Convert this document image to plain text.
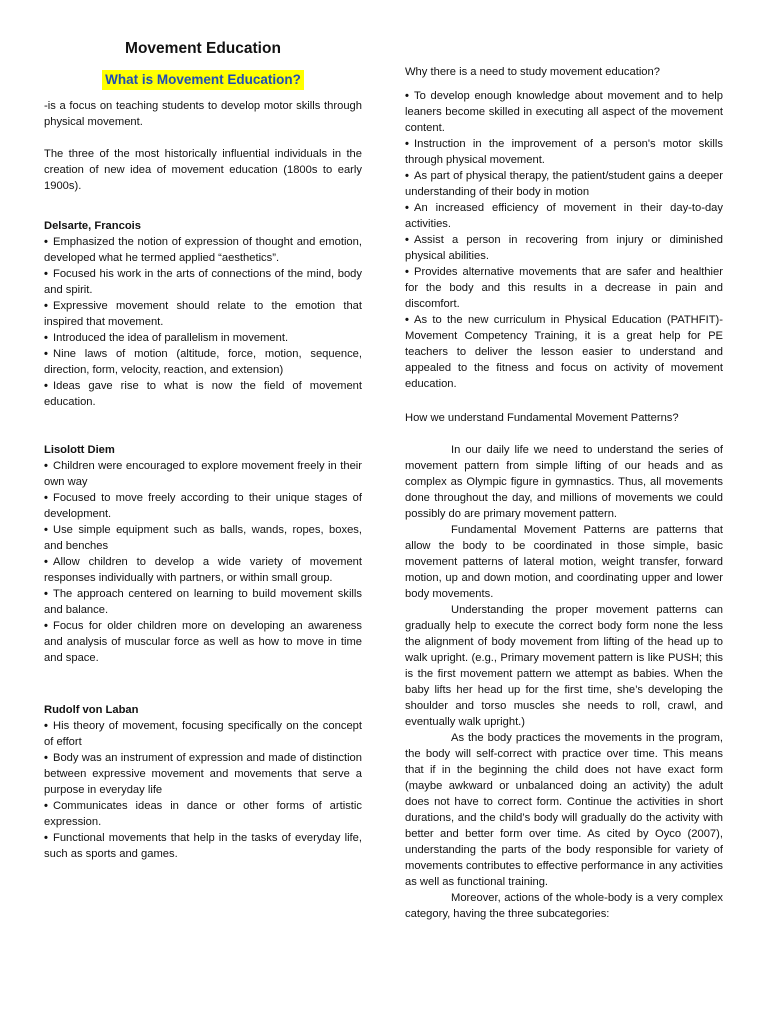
Movement Education
What is Movement Education?

-is a focus on teaching students to develop motor skills through physical movement.

The three of the most historically influential individuals in the creation of new idea of movement education (1800s to early 1900s).

Delsarte, Francois

• Emphasized the notion of expression of thought and emotion, developed what he termed applied “aesthetics”.

• Focused his work in the arts of connections of the mind, body and spirit.

• Expressive movement should relate to the emotion that inspired that movement.

• Introduced the idea of parallelism in movement.

• Nine laws of motion (altitude, force, motion, sequence, direction, form, velocity, reaction, and extension)

• Ideas gave rise to what is now the field of movement education.

Lisolott Diem

• Children were encouraged to explore movement freely in their own way

• Focused to move freely according to their unique stages of development.

• Use simple equipment such as balls, wands, ropes, boxes, and benches

• Allow children to develop a wide variety of movement responses individually with partners, or within small group.

• The approach centered on learning to build movement skills and balance.

• Focus for older children more on developing an awareness and analysis of muscular force as well as how to move in time and space.

Rudolf von Laban

• His theory of movement, focusing specifically on the concept of effort

• Body was an instrument of expression and made of distinction between expressive movement and movements that serve a purpose in everyday life

• Communicates ideas in dance or other forms of artistic expression.

• Functional movements that help in the tasks of everyday life, such as sports and games.

Why there is a need to study movement education?

• To develop enough knowledge about movement and to help leaners become skilled in executing all aspect of the movement content.

• Instruction in the improvement of a person's motor skills through physical movement.

• As part of physical therapy, the patient/student gains a deeper understanding of their body in motion

• An increased efficiency of movement in their day-to-day activities.

• Assist a person in recovering from injury or diminished physical abilities.

• Provides alternative movements that are safer and healthier for the body and this results in a decrease in pain and discomfort.

• As to the new curriculum in Physical Education (PATHFIT)- Movement Competency Training, it is a great help for PE teachers to deliver the lesson easier to understand and appealed to the fitness and focus on activity of movement education.

How we understand Fundamental Movement Patterns?

In our daily life we need to understand the series of movement pattern from simple lifting of our heads and as complex as Olympic figure in gymnastics. Thus, all movements done throughout the day, and millions of movements we could possibly do are primary movement pattern.

Fundamental Movement Patterns are patterns that allow the body to be coordinated in those simple, basic movement patterns of lateral motion, weight transfer, forward motion, up and down motion, and coordinating upper and lower body movements.

Understanding the proper movement patterns can gradually help to execute the correct body form none the less the alignment of body movement from lifting of the head up to walk upright. (e.g., Primary movement pattern is like PUSH; this is the first movement pattern we attempt as babies. When the baby lifts her head up for the first time, she’s developing the shoulder and torso muscles she needs to roll, crawl, and eventually walk upright.)

As the body practices the movements in the program, the body will self-correct with practice over time. This means that if in the beginning the child does not have exact form (maybe awkward or unbalanced doing an activity) the adult does not have to correct form. Continue the activities in short durations, and the child’s body will gradually do the activity with better and better form over time. As cited by Oyco (2007), understanding the parts of the body responsible for variety of movements contributes to effective performance in any activities as well as functional training.

Moreover, actions of the whole-body is a very complex category, having the three subcategories:
